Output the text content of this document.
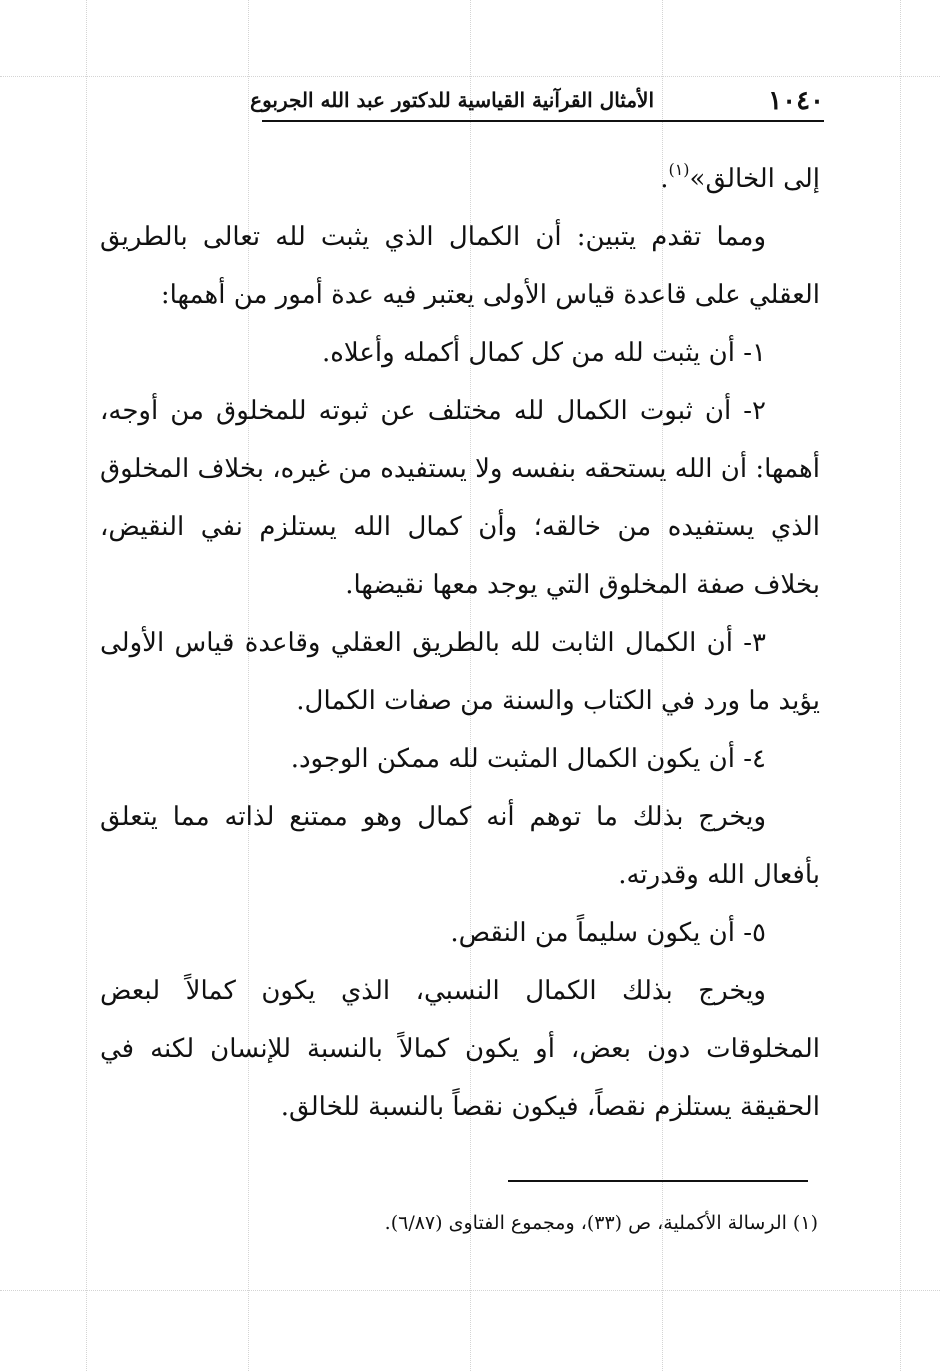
١٠٤٠
الأمثال القرآنية القياسية للدكتور عبد الله الجربوع

إلى الخالق»$^{(١)}$.

ومما تقدم يتبين: أن الكمال الذي يثبت لله تعالى بالطريق العقلي على قاعدة قياس الأولى يعتبر فيه عدة أمور من أهمها:

١- أن يثبت لله من كل كمال أكمله وأعلاه.

٢- أن ثبوت الكمال لله مختلف عن ثبوته للمخلوق من أوجه، أهمها: أن الله يستحقه بنفسه ولا يستفيده من غيره، بخلاف المخلوق الذي يستفيده من خالقه؛ وأن كمال الله يستلزم نفي النقيض، بخلاف صفة المخلوق التي يوجد معها نقيضها.

٣- أن الكمال الثابت لله بالطريق العقلي وقاعدة قياس الأولى يؤيد ما ورد في الكتاب والسنة من صفات الكمال.

٤- أن يكون الكمال المثبت لله ممكن الوجود.

ويخرج بذلك ما توهم أنه كمال وهو ممتنع لذاته مما يتعلق بأفعال الله وقدرته.

٥- أن يكون سليماً من النقص.

ويخرج بذلك الكمال النسبي، الذي يكون كمالاً لبعض المخلوقات دون بعض، أو يكون كمالاً بالنسبة للإنسان لكنه في الحقيقة يستلزم نقصاً، فيكون نقصاً بالنسبة للخالق.

(١) الرسالة الأكملية، ص (٣٣)، ومجموع الفتاوى (٦/٨٧).
